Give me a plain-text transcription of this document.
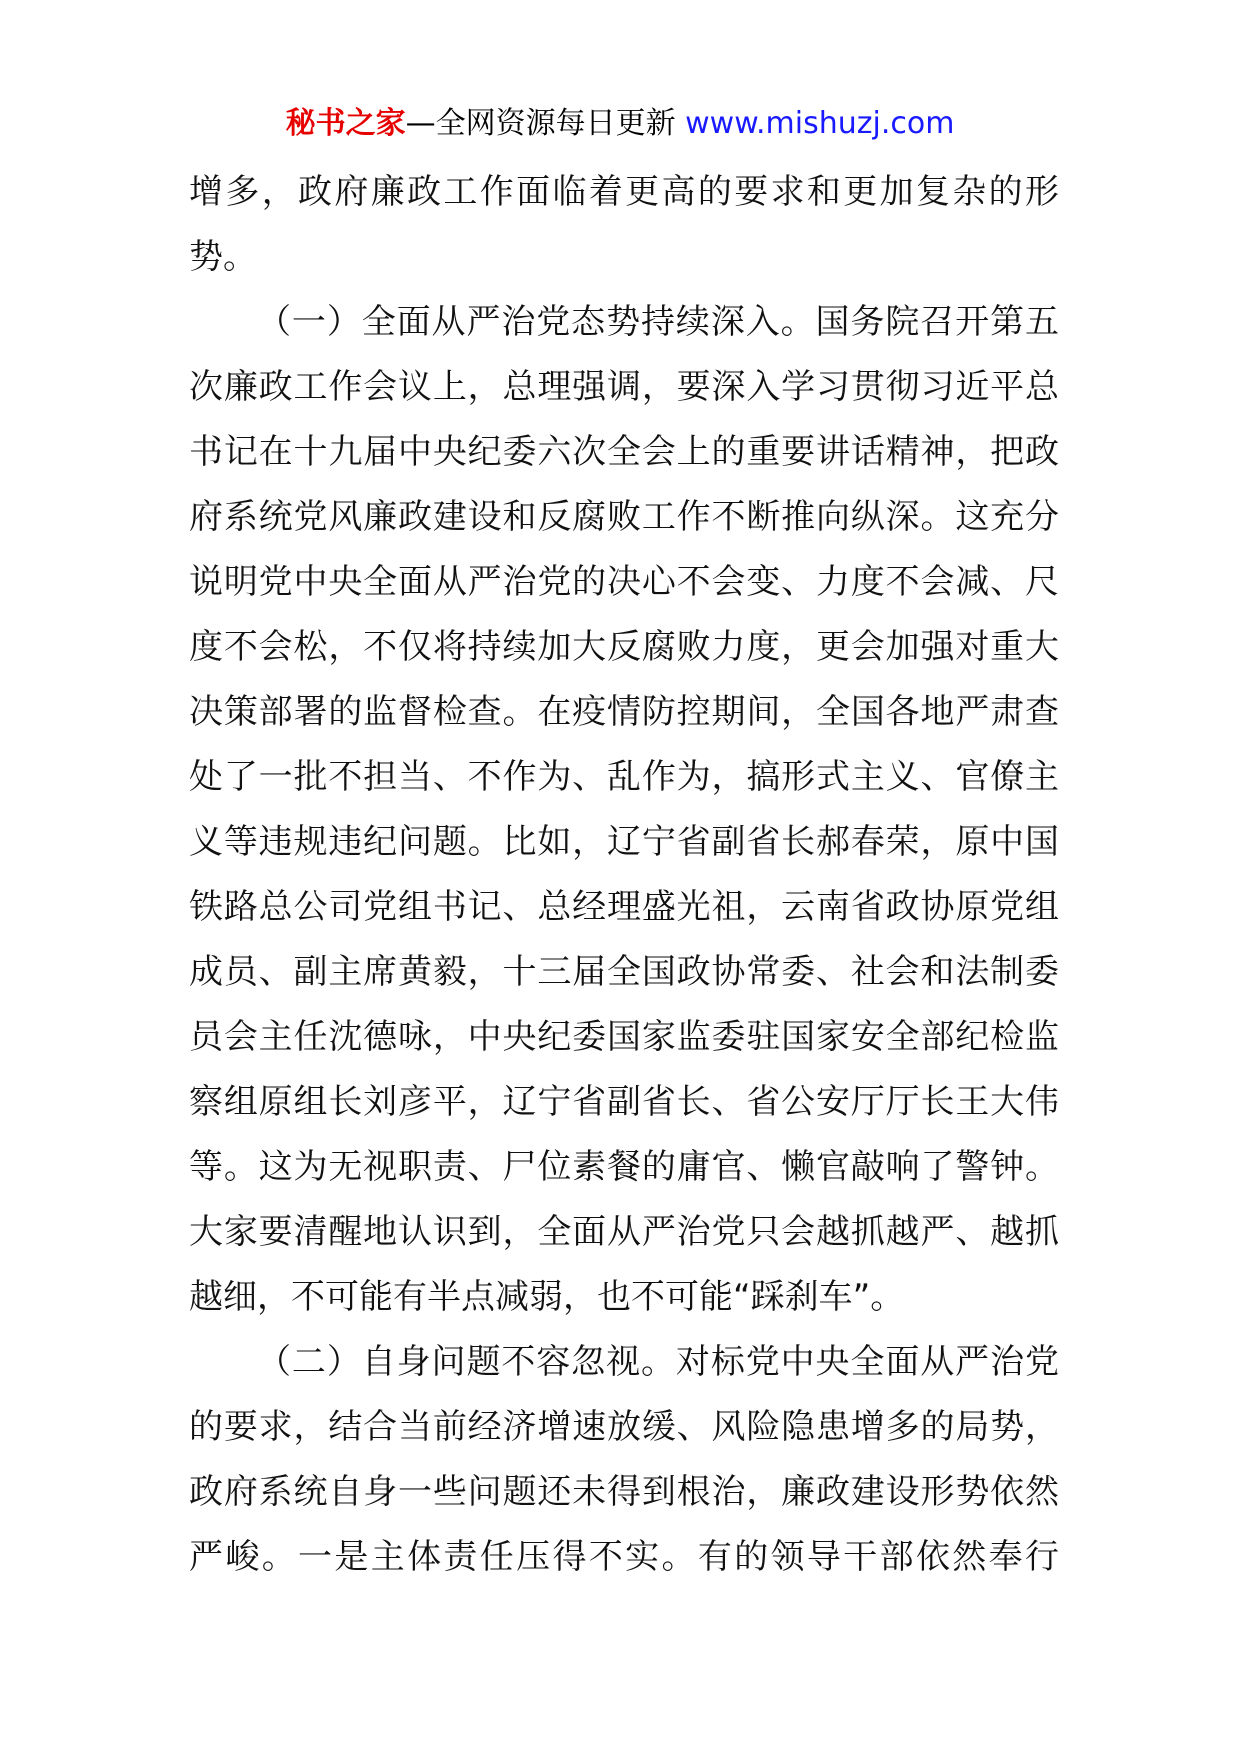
秘书之家—全网资源每日更新 www.mishuzj.com
增多，政府廉政工作面临着更高的要求和更加复杂的形
势。
（一）全面从严治党态势持续深入。国务院召开第五
次廉政工作会议上，总理强调，要深入学习贯彻习近平总
书记在十九届中央纪委六次全会上的重要讲话精神，把政
府系统党风廉政建设和反腐败工作不断推向纵深。这充分
说明党中央全面从严治党的决心不会变、力度不会减、尺
度不会松，不仅将持续加大反腐败力度，更会加强对重大
决策部署的监督检查。在疫情防控期间，全国各地严肃查
处了一批不担当、不作为、乱作为，搞形式主义、官僚主
义等违规违纪问题。比如，辽宁省副省长郝春荣，原中国
铁路总公司党组书记、总经理盛光祖，云南省政协原党组
成员、副主席黄毅，十三届全国政协常委、社会和法制委
员会主任沈德咏，中央纪委国家监委驻国家安全部纪检监
察组原组长刘彦平，辽宁省副省长、省公安厅厅长王大伟
等。这为无视职责、尸位素餐的庸官、懒官敲响了警钟。
大家要清醒地认识到，全面从严治党只会越抓越严、越抓
越细，不可能有半点减弱，也不可能“踩刹车”。
（二）自身问题不容忽视。对标党中央全面从严治党
的要求，结合当前经济增速放缓、风险隐患增多的局势，
政府系统自身一些问题还未得到根治，廉政建设形势依然
严峻。一是主体责任压得不实。有的领导干部依然奉行
